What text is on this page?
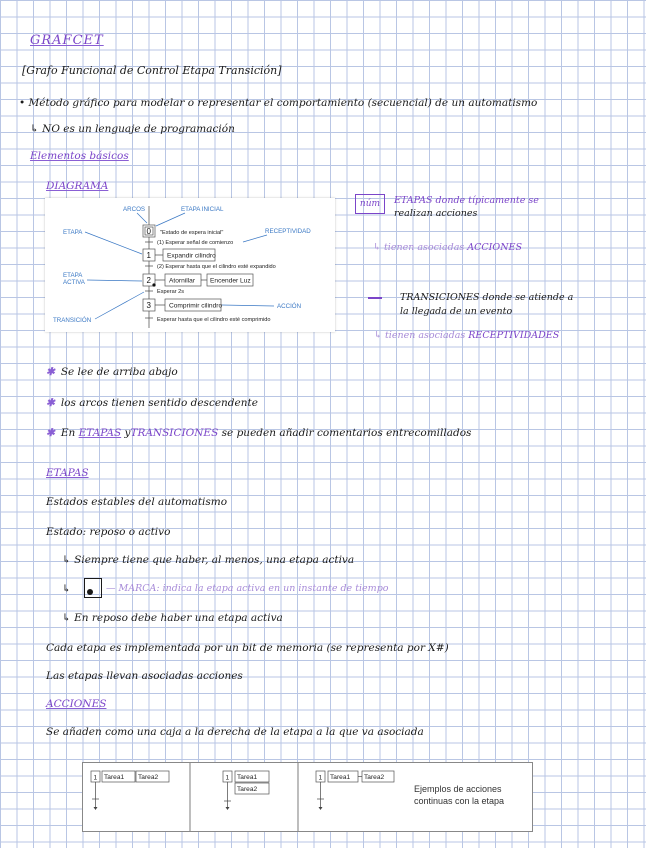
GRAFCET
[Grafo Funcional de Control Etapa Transición]
• Método gráfico para modelar o representar el comportamiento (secuencial) de un automatismo
↳ NO es un lenguaje de programación
Elementos básicos
DIAGRAMA
0 "Estado de espera inicial"
(1) Esperar señal de comienzo
1 Expandir cilindro
(2) Esperar hasta que el cilindro esté expandido
2	Atornillar Encender Luz
Esperar 2s
3	Comprimir cilindro
Esperar hasta que el cilindro esté comprimido
ARCOS	ETAPA INICIAL
ETAPA	RECEPTIVIDAD
ETAPA
ACTIVA
TRANSICIÓN
ACCIÓN
núm	ETAPAS donde típicamente se
realizan acciones
↳ tienen asociadas ACCIONES
TRANSICIONES donde se atiende a
la llegada de un evento
↳ tienen asociadas RECEPTIVIDADES
✱ Se lee de arriba abajo
✱ los arcos tienen sentido descendente
✱ En ETAPAS yTRANSICIONES se pueden añadir comentarios entrecomillados
ETAPAS
Estados estables del automatismo
Estado: reposo o activo
↳ Siempre tiene que haber, al menos, una etapa activa
↳	— MARCA: indica la etapa activa en un instante de tiempo
↳ En reposo debe haber una etapa activa
Cada etapa es implementada por un bit de memoria (se representa por X#)
Las etapas llevan asociadas acciones
ACCIONES
Se añaden como una caja a la derecha de la etapa a la que va asociada
1 Tarea1 Tarea2	1 Tarea1
Tarea2
1 Tarea1 Tarea2
Ejemplos de acciones continuas con la etapa
